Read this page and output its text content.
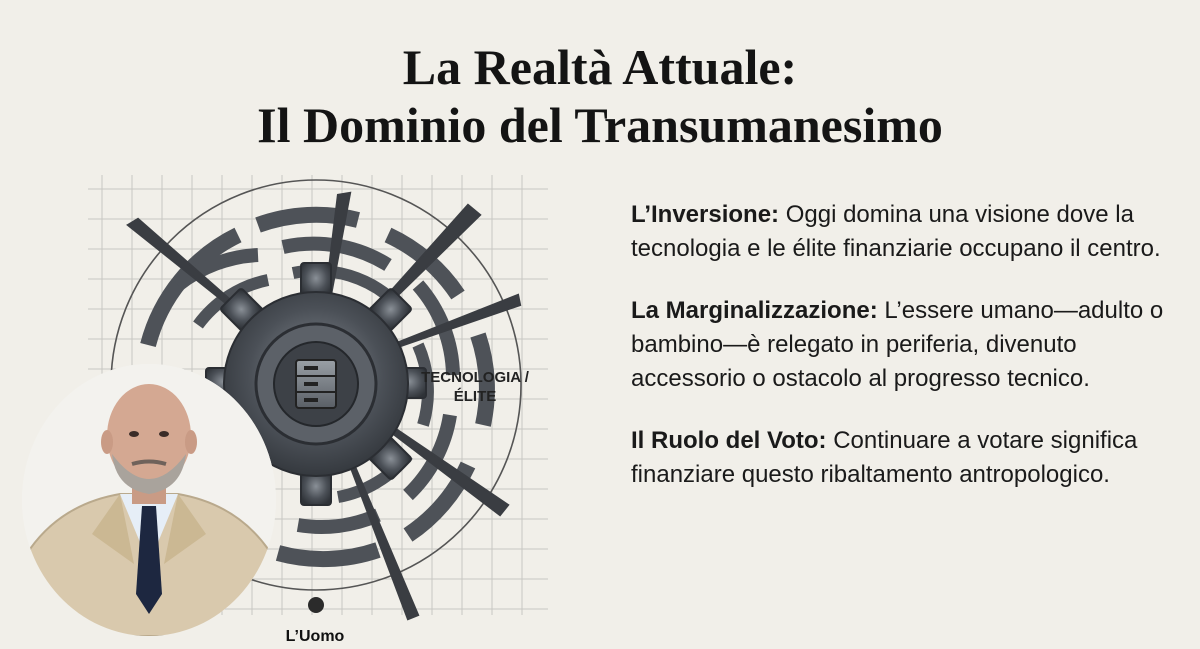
La Realtà Attuale:
Il Dominio del Transumanesimo
TECNOLOGIA /
ÉLITE
L’Uomo

L’Inversione: Oggi domina una visione dove la tecnologia e le élite finanziarie occupano il centro.

La Marginalizzazione: L’essere umano—adulto o bambino—è relegato in periferia, divenuto accessorio o ostacolo al progresso tecnico.

Il Ruolo del Voto: Continuare a votare significa finanziare questo ribaltamento antropologico.
